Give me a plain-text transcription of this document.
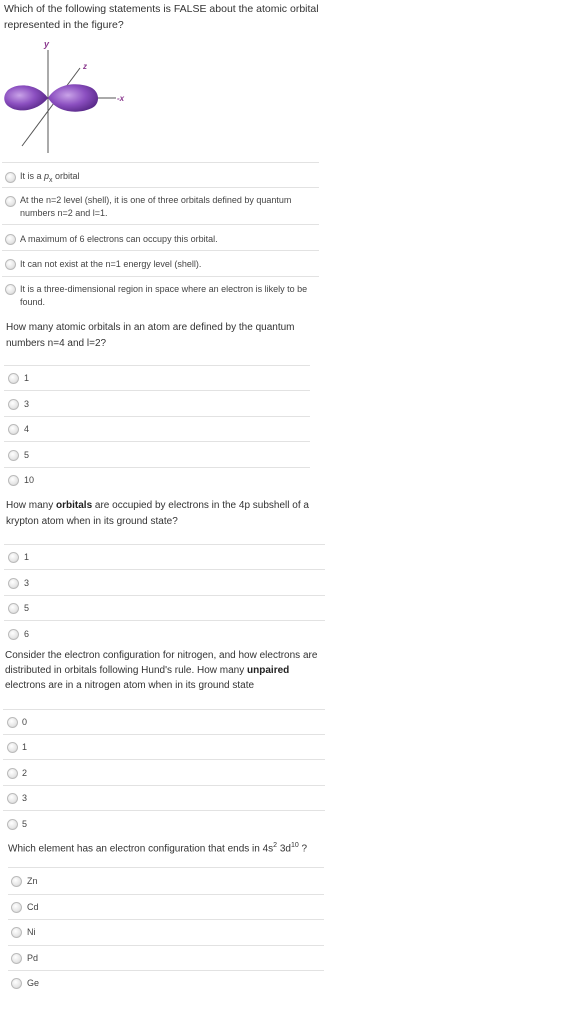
Which of the following statements is FALSE about the atomic orbital
represented in the figure?
y
z
-x
It is a $p_x$ orbital
At the n=2 level (shell), it is one of three orbitals defined by quantum
numbers n=2 and l=1.
A maximum of 6 electrons can occupy this orbital.
It can not exist at the n=1 energy level (shell).
It is a three-dimensional region in space where an electron is likely to be
found.
How many atomic orbitals in an atom are defined by the quantum
numbers n=4 and l=2?
1
3
4
5
10
How many orbitals are occupied by electrons in the 4p subshell of a
krypton atom when in its ground state?
1
3
5
6
Consider the electron configuration for nitrogen, and how electrons are
distributed in orbitals following Hund's rule. How many unpaired
electrons are in a nitrogen atom when in its ground state
0
1
2
3
5
Which element has an electron configuration that ends in $4s^2$ $3d^{10}$ ?
Zn
Cd
Ni
Pd
Ge
